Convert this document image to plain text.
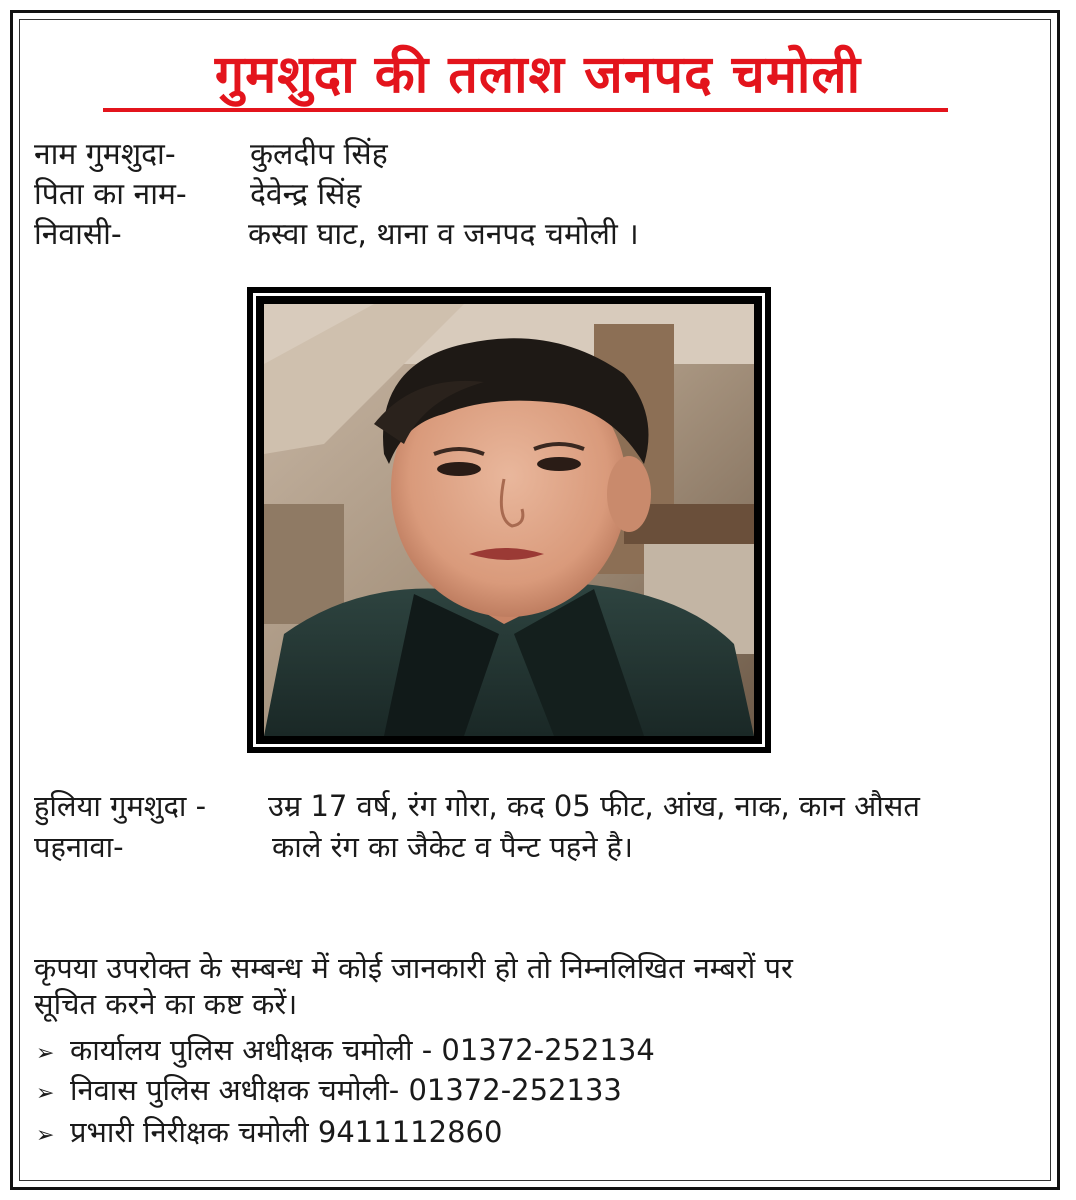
गुमशुदा की तलाश जनपद चमोली
नाम गुमशुदा- कुलदीप सिंह
पिता का नाम- देवेन्द्र सिंह
निवासी-	कस्वा घाट, थाना व जनपद चमोली ।
हुलिया गुमशुदा - उम्र 17 वर्ष, रंग गोरा, कद 05 फीट, आंख, नाक, कान औसत
पहनावा-	काले रंग का जैकेट व पैन्ट पहने है।
कृपया उपरोक्त के सम्बन्ध में कोई जानकारी हो तो निम्नलिखित नम्बरों पर
सूचित करने का कष्ट करें।
➢ कार्यालय पुलिस अधीक्षक चमोली - 01372-252134
➢ निवास पुलिस अधीक्षक चमोली- 01372-252133
➢ प्रभारी निरीक्षक चमोली 9411112860
